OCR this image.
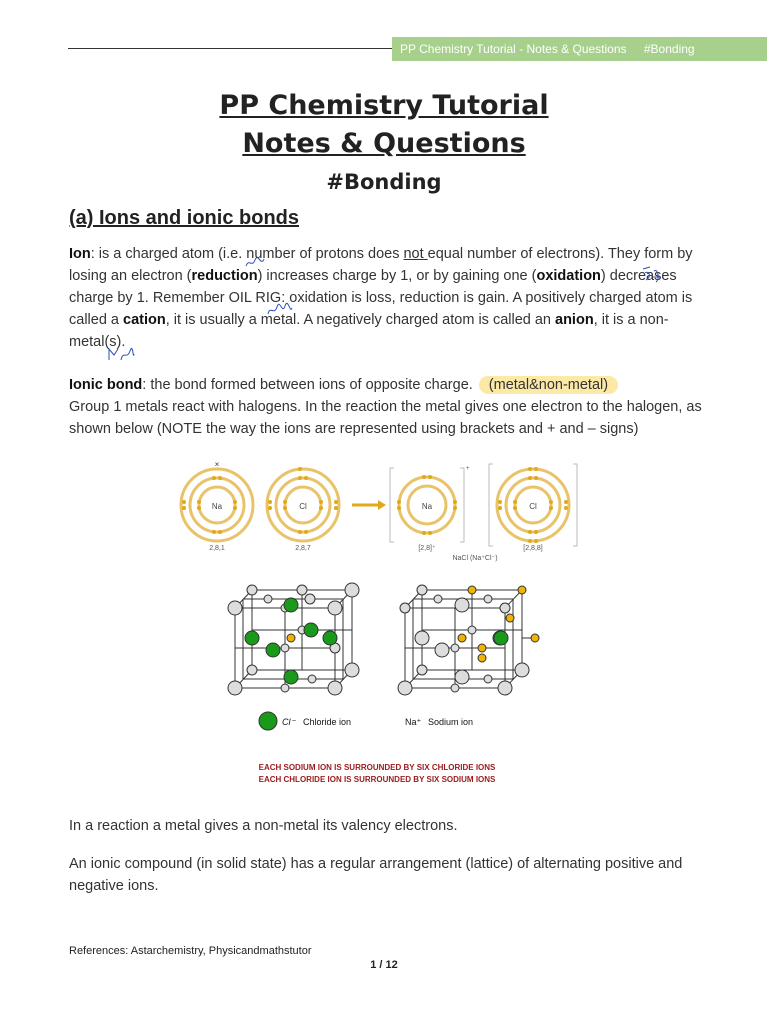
PP Chemistry Tutorial - Notes & Questions #Bonding
PP Chemistry Tutorial
Notes & Questions
#Bonding
(a) Ions and ionic bonds
Ion: is a charged atom (i.e. number of protons does not equal number of electrons). They form by losing an electron (reduction) increases charge by 1, or by gaining one (oxidation) decreases charge by 1. Remember OIL RIG: oxidation is loss, reduction is gain. A positively charged atom is called a cation, it is usually a metal. A negatively charged atom is called an anion, it is a non-metal(s).
Ionic bond: the bond formed between ions of opposite charge. (metal&non-metal)
Group 1 metals react with halogens. In the reaction the metal gives one electron to the halogen, as shown below (NOTE the way the ions are represented using brackets and + and – signs)
Na
×
2,8,1
Cl
2,8,7
Na
+
[2,8]⁺
Cl
[2,8,8]
NaCl (Na⁺Cl⁻)
Cl⁻ Chloride ion	Na⁺ Sodium ion
EACH SODIUM ION IS SURROUNDED BY SIX CHLORIDE IONS
EACH CHLORIDE ION IS SURROUNDED BY SIX SODIUM IONS
In a reaction a metal gives a non-metal its valency electrons.
An ionic compound (in solid state) has a regular arrangement (lattice) of alternating positive and negative ions.
References: Astarchemistry, Physicandmathstutor
1 / 12
